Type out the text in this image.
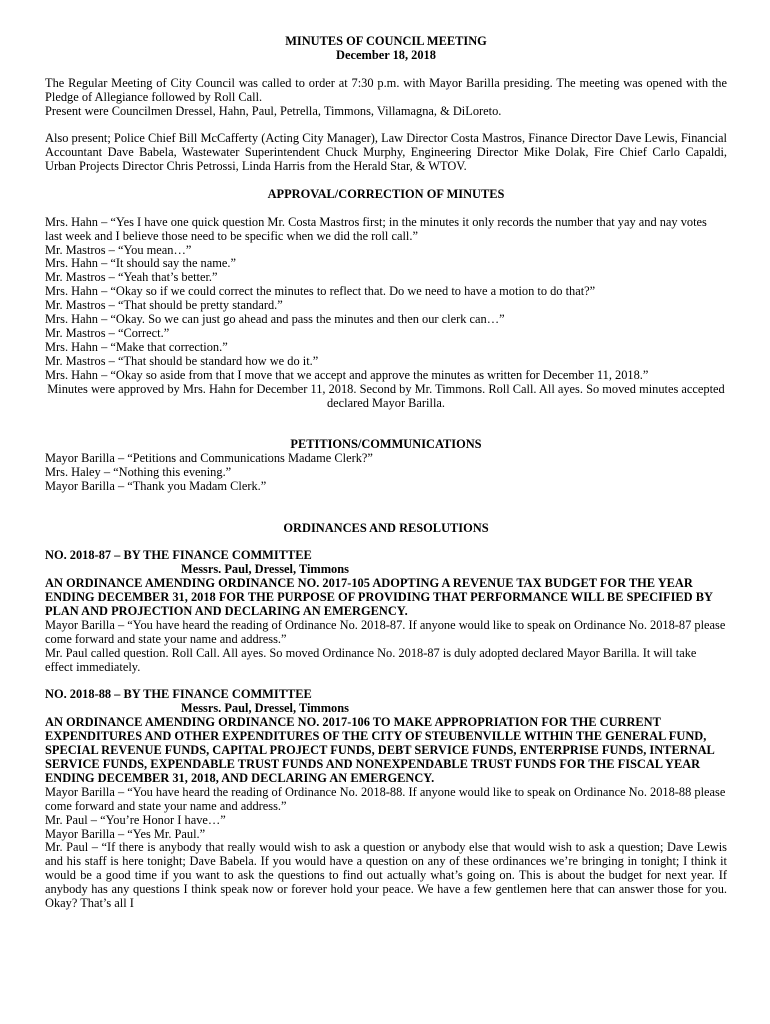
MINUTES OF COUNCIL MEETING

December 18, 2018

The Regular Meeting of City Council was called to order at 7:30 p.m. with Mayor Barilla presiding. The meeting was opened with the Pledge of Allegiance followed by Roll Call.

Present were Councilmen Dressel, Hahn, Paul, Petrella, Timmons, Villamagna, & DiLoreto.

Also present; Police Chief Bill McCafferty (Acting City Manager), Law Director Costa Mastros, Finance Director Dave Lewis, Financial Accountant Dave Babela, Wastewater Superintendent Chuck Murphy, Engineering Director Mike Dolak, Fire Chief Carlo Capaldi, Urban Projects Director Chris Petrossi, Linda Harris from the Herald Star, & WTOV.

APPROVAL/CORRECTION OF MINUTES

Mrs. Hahn – “Yes I have one quick question Mr. Costa Mastros first; in the minutes it only records the number that yay and nay votes last week and I believe those need to be specific when we did the roll call.”

Mr. Mastros – “You mean…”

Mrs. Hahn – “It should say the name.”

Mr. Mastros – “Yeah that’s better.”

Mrs. Hahn – “Okay so if we could correct the minutes to reflect that. Do we need to have a motion to do that?”

Mr. Mastros – “That should be pretty standard.”

Mrs. Hahn – “Okay. So we can just go ahead and pass the minutes and then our clerk can…”

Mr. Mastros – “Correct.”

Mrs. Hahn – “Make that correction.”

Mr. Mastros – “That should be standard how we do it.”

Mrs. Hahn – “Okay so aside from that I move that we accept and approve the minutes as written for December 11, 2018.”

Minutes were approved by Mrs. Hahn for December 11, 2018. Second by Mr. Timmons. Roll Call. All ayes. So moved minutes accepted declared Mayor Barilla.

PETITIONS/COMMUNICATIONS

Mayor Barilla – “Petitions and Communications Madame Clerk?”

Mrs. Haley – “Nothing this evening.”

Mayor Barilla – “Thank you Madam Clerk.”

ORDINANCES AND RESOLUTIONS

NO. 2018-87 – BY THE FINANCE COMMITTEE

Messrs. Paul, Dressel, Timmons

AN ORDINANCE AMENDING ORDINANCE NO. 2017-105 ADOPTING A REVENUE TAX BUDGET FOR THE YEAR ENDING DECEMBER 31, 2018 FOR THE PURPOSE OF PROVIDING THAT PERFORMANCE WILL BE SPECIFIED BY PLAN AND PROJECTION AND DECLARING AN EMERGENCY.

Mayor Barilla – “You have heard the reading of Ordinance No. 2018-87. If anyone would like to speak on Ordinance No. 2018-87 please come forward and state your name and address.”

Mr. Paul called question. Roll Call. All ayes. So moved Ordinance No. 2018-87 is duly adopted declared Mayor Barilla. It will take effect immediately.

NO. 2018-88 – BY THE FINANCE COMMITTEE

Messrs. Paul, Dressel, Timmons

AN ORDINANCE AMENDING ORDINANCE NO. 2017-106 TO MAKE APPROPRIATION FOR THE CURRENT EXPENDITURES AND OTHER EXPENDITURES OF THE CITY OF STEUBENVILLE WITHIN THE GENERAL FUND, SPECIAL REVENUE FUNDS, CAPITAL PROJECT FUNDS, DEBT SERVICE FUNDS, ENTERPRISE FUNDS, INTERNAL SERVICE FUNDS, EXPENDABLE TRUST FUNDS AND NONEXPENDABLE TRUST FUNDS FOR THE FISCAL YEAR ENDING DECEMBER 31, 2018, AND DECLARING AN EMERGENCY.

Mayor Barilla – “You have heard the reading of Ordinance No. 2018-88. If anyone would like to speak on Ordinance No. 2018-88 please come forward and state your name and address.”

Mr. Paul – “You’re Honor I have…”

Mayor Barilla – “Yes Mr. Paul.”

Mr. Paul – “If there is anybody that really would wish to ask a question or anybody else that would wish to ask a question; Dave Lewis and his staff is here tonight; Dave Babela. If you would have a question on any of these ordinances we’re bringing in tonight; I think it would be a good time if you want to ask the questions to find out actually what’s going on. This is about the budget for next year. If anybody has any questions I think speak now or forever hold your peace. We have a few gentlemen here that can answer those for you. Okay? That’s all I
